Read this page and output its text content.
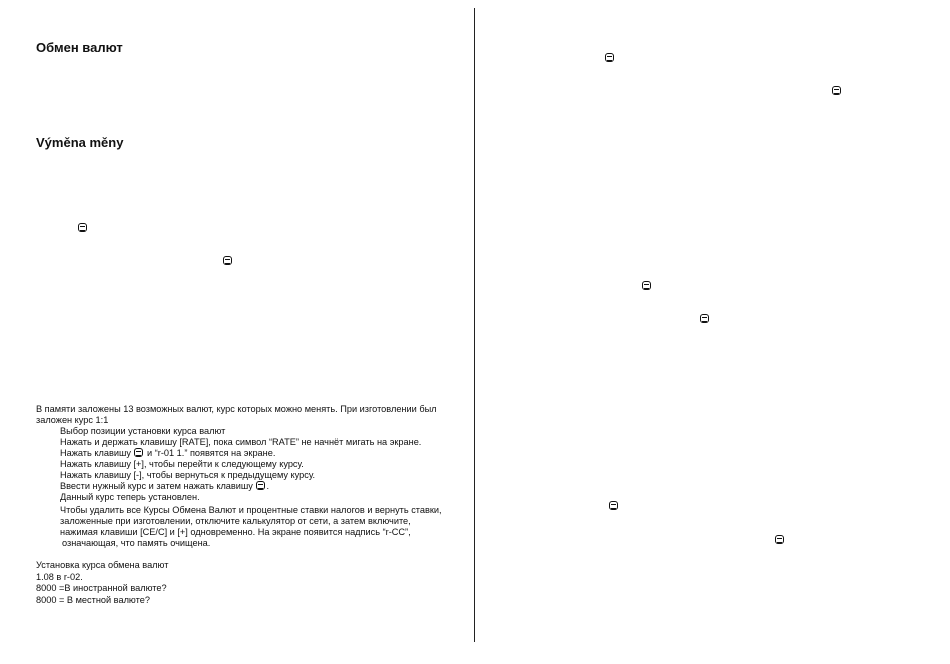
Обмен валют
Výměna měny
В памяти заложены 13 возможных валют, курс которых можно менять. При изготовлении был
заложен курс 1:1
Выбор позиции установки курса валют
Нажать и держать клавишу [RATE], пока символ “RATE” не начнёт мигать на экране.
Нажать клавишу и “r-01 1.” появятся на экране.
Нажать клавишу [+], чтобы перейти к следующему курсу.
Нажать клавишу [-], чтобы вернуться к предыдущему курсу.
Ввести нужный курс и затем нажать клавишу .
Данный курс теперь установлен.
Чтобы удалить все Курсы Обмена Валют и процентные ставки налогов и вернуть ставки,
заложенные при изготовлении, отключите калькулятор от сети, а затем включите,
нажимая клавиши [CE/C] и [+] одновременно. На экране появится надпись “r-CC”,
означающая, что память очищена.
Установка курса обмена валют
1.08 в r-02.
8000 =В иностранной валюте?
8000 = В местной валюте?
